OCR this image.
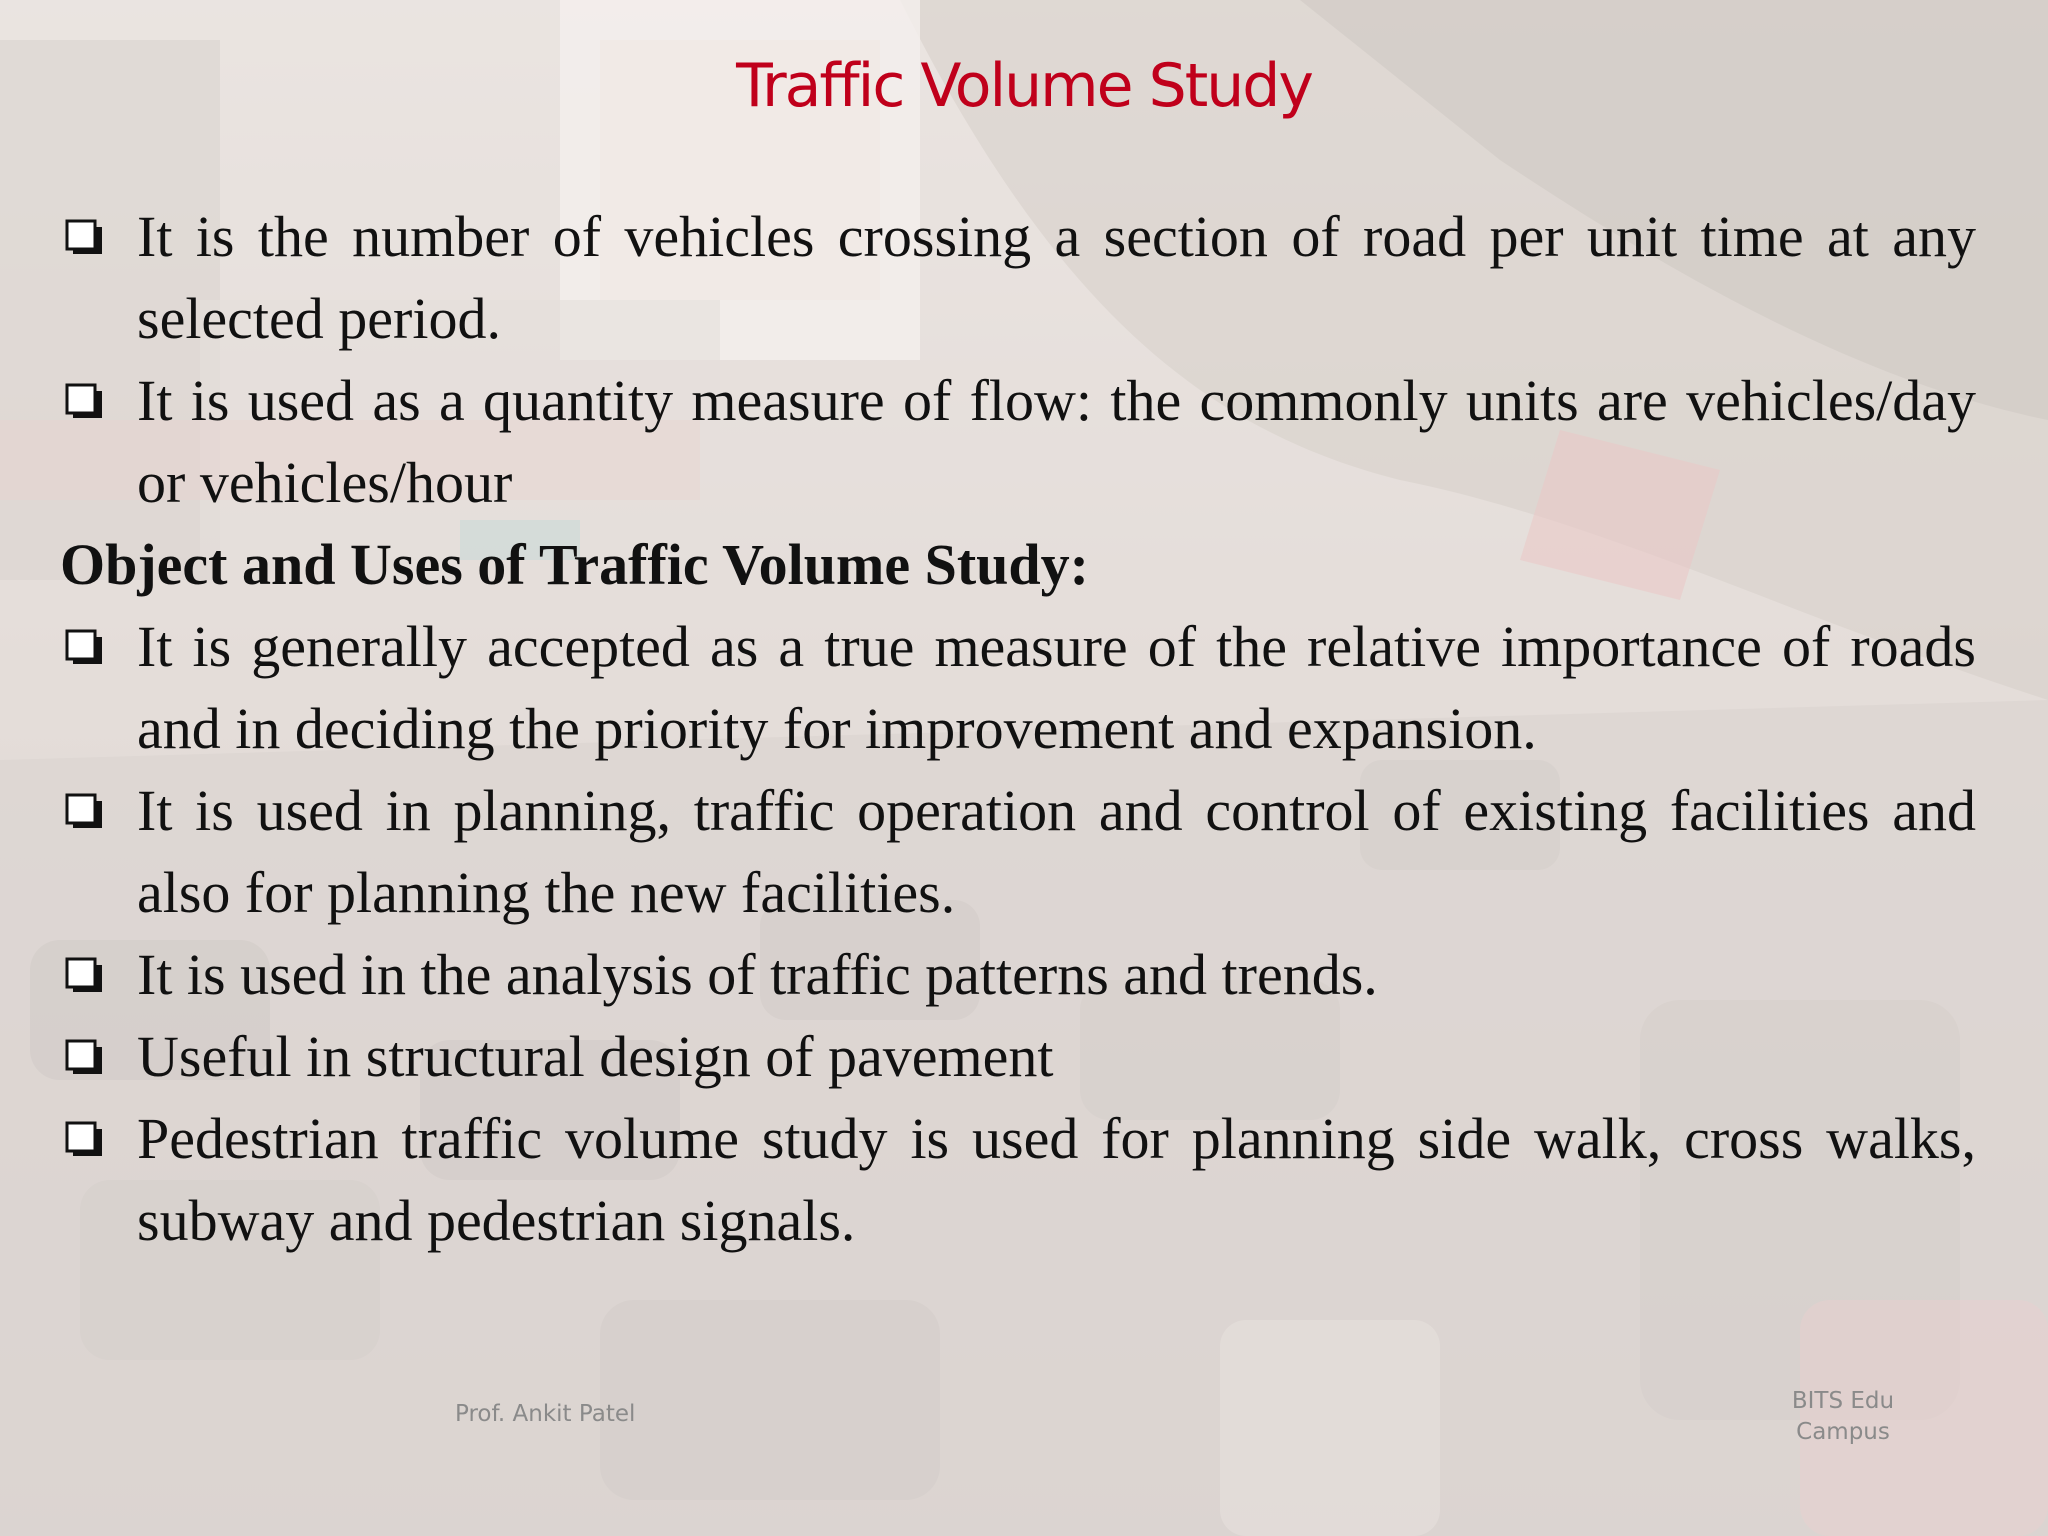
Traffic Volume Study
It is the number of vehicles crossing a section of road per unit time at any selected period.
It is used as a quantity measure of flow: the commonly units are vehicles/day or vehicles/hour
Object and Uses of Traffic Volume Study:
It is generally accepted as a true measure of the relative importance of roads and in deciding the priority for improvement and expansion.
It is used in planning, traffic operation and control of existing facilities and also for planning the new facilities.
It is used in the analysis of traffic patterns and trends.
Useful in structural design of pavement
Pedestrian traffic volume study is used for planning side walk, cross walks, subway and pedestrian signals.
Prof. Ankit Patel	BITS Edu
Campus
